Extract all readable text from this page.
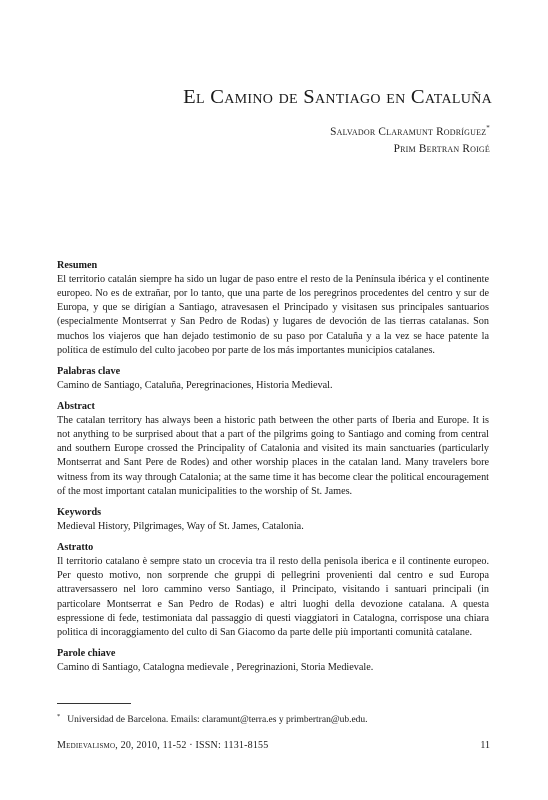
El Camino de Santiago en Cataluña
Salvador Claramunt Rodríguez*
Prim Bertran Roigé

Resumen

El territorio catalán siempre ha sido un lugar de paso entre el resto de la Península ibérica y el continente europeo. No es de extrañar, por lo tanto, que una parte de los peregrinos procedentes del centro y sur de Europa, y que se dirigían a Santiago, atravesasen el Principado y visitasen sus principales santuarios (especialmente Montserrat y San Pedro de Rodas) y lugares de devoción de las tierras catalanas. Son muchos los viajeros que han dejado testimonio de su paso por Cataluña y a la vez se hace patente la política de estímulo del culto jacobeo por parte de los más importantes municipios catalanes.

Palabras clave

Camino de Santiago, Cataluña, Peregrinaciones, Historia Medieval.

Abstract

The catalan territory has always been a historic path between the other parts of Iberia and Europe. It is not anything to be surprised about that a part of the pilgrims going to Santiago and coming from central and southern Europe crossed the Principality of Catalonia and visited its main sanctuaries (particularly Montserrat and Sant Pere de Rodes) and other worship places in the catalan land. Many travelers bore witness from its way through Catalonia; at the same time it has become clear the political encouragement of the most important catalan municipalities to the worship of St. James.

Keywords

Medieval History, Pilgrimages, Way of St. James, Catalonia.

Astratto

Il territorio catalano è sempre stato un crocevia tra il resto della penisola iberica e il continente europeo. Per questo motivo, non sorprende che gruppi di pellegrini provenienti dal centro e sud Europa attraversassero nel loro cammino verso Santiago, il Principato, visitando i santuari principali (in particolare Montserrat e San Pedro de Rodas) e altri luoghi della devozione catalana. A questa espressione di fede, testimoniata dal passaggio di questi viaggiatori in Catalogna, corrispose una chiara politica di incoraggiamento del culto di San Giacomo da parte delle più importanti comunità catalane.

Parole chiave

Camino di Santiago, Catalogna medievale , Peregrinazioni, Storia Medievale.

* Universidad de Barcelona. Emails: claramunt@terra.es y primbertran@ub.edu.
Medievalismo, 20, 2010, 11-52 · ISSN: 1131-8155	11
